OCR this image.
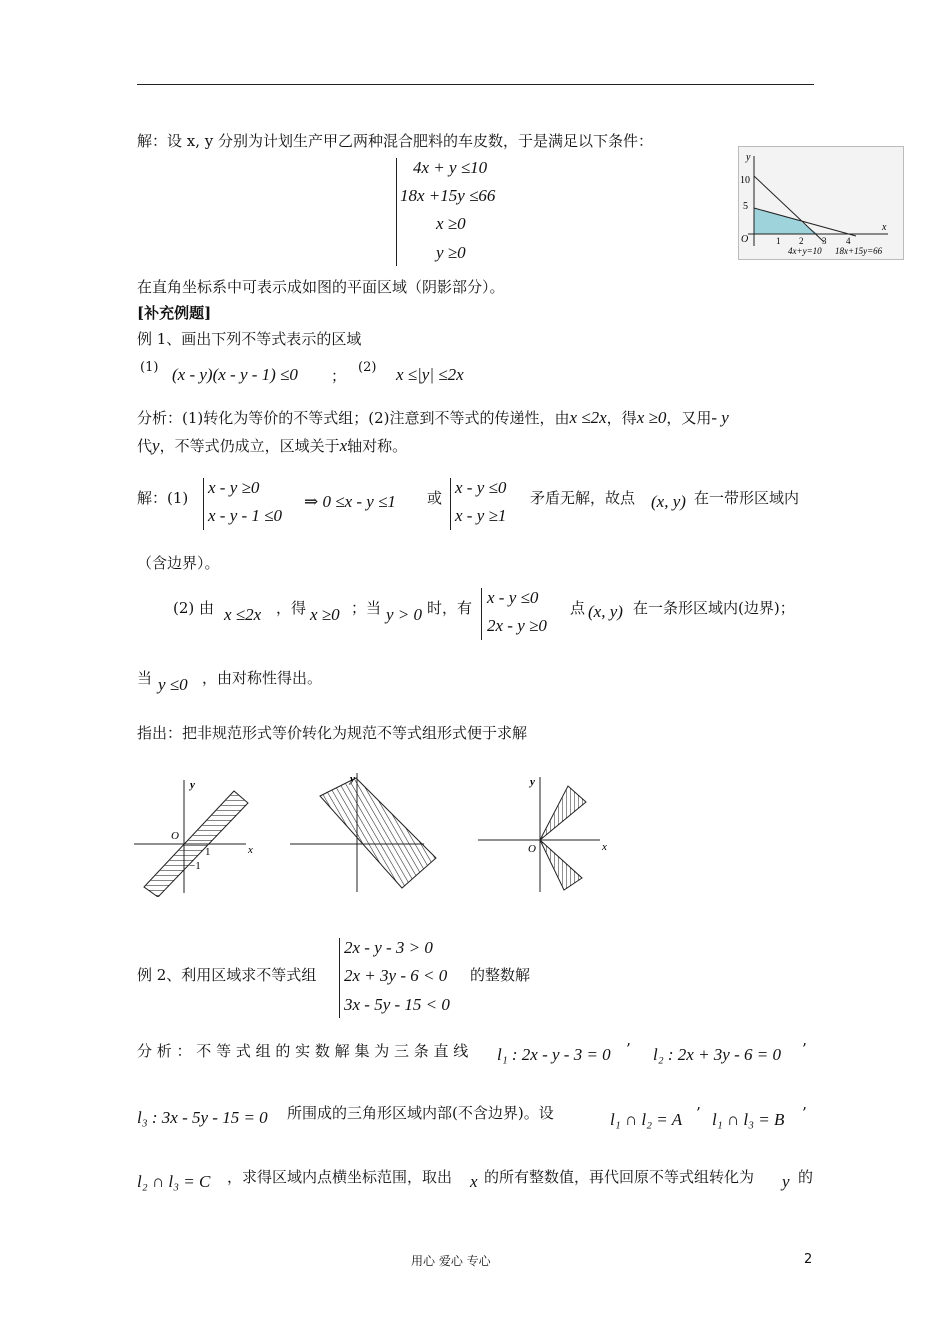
解：设 x, y 分别为计划生产甲乙两种混合肥料的车皮数，于是满足以下条件：
4x + y ≤10
18x +15y ≤66
x ≥0
y ≥0
y
x
O
10
5
1 2 3 4
4x+y=10 18x+15y=66
在直角坐标系中可表示成如图的平面区域（阴影部分）。
[补充例题]
例 1、画出下列不等式表示的区域
(1) (x - y)(x - y - 1) ≤0 ； (2) x ≤|y| ≤2x
分析：(1)转化为等价的不等式组；(2)注意到不等式的传递性，由x ≤2x，得x ≥0，又用- y
代y，不等式仍成立，区域关于x轴对称。
解：(1)
x - y ≥0
x - y - 1 ≤0
⇒ 0 ≤x - y ≤1 或
x - y ≤0
x - y ≥1
矛盾无解，故点 (x, y) 在一带形区域内
（含边界）。
(2) 由 x ≤2x ，得 x ≥0 ；当 y > 0 时，有
x - y ≤0
2x - y ≥0
点 (x, y) 在一条形区域内(边界)；
当 y ≤0 ，由对称性得出。
指出：把非规范形式等价转化为规范不等式组形式便于求解
y
x
O
1
−1
y	y
x
O
例 2、利用区域求不等式组
2x - y - 3 > 0
2x + 3y - 6 < 0
3x - 5y - 15 < 0
的整数解
分 析 ： 不 等 式 组 的 实 数 解 集 为 三 条 直 线 l₁ : 2x - y - 3 = 0 ’ l₂ : 2x + 3y - 6 = 0 ’
l₃ : 3x - 5y - 15 = 0 所围成的三角形区域内部(不含边界)。设	l₁ ∩ l₂ = A ’ l₁ ∩ l₃ = B ’
l₂ ∩ l₃ = C ，求得区域内点横坐标范围，取出 x 的所有整数值，再代回原不等式组转化为 y 的
用心 爱心 专心	2
